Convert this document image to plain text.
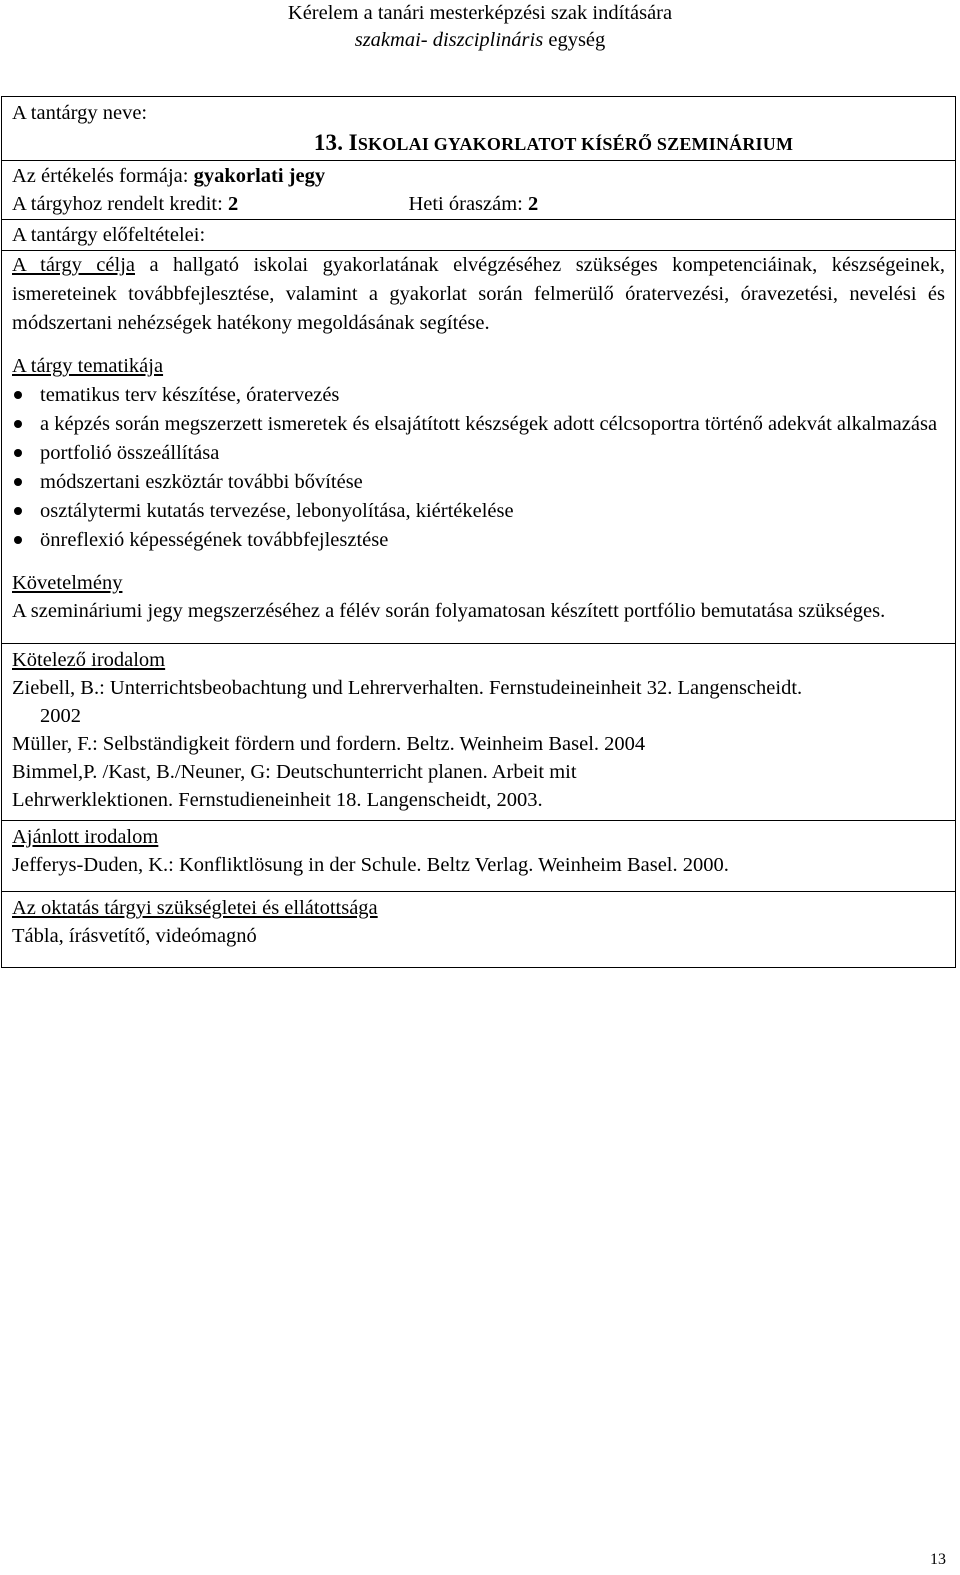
Kérelem a tanári mesterképzési szak indítására
szakmai- diszciplináris egység
A tantárgy neve:
13. ISKOLAI GYAKORLATOT KÍSÉRŐ SZEMINÁRIUM
Az értékelés formája: gyakorlati jegy
A tárgyhoz rendelt kredit: 2	Heti óraszám: 2
A tantárgy előfeltételei:
A tárgy célja a hallgató iskolai gyakorlatának elvégzéséhez szükséges kompetenciáinak, készségeinek, ismereteinek továbbfejlesztése, valamint a gyakorlat során felmerülő óratervezési, óravezetési, nevelési és módszertani nehézségek hatékony megoldásának segítése.
A tárgy tematikája
tematikus terv készítése, óratervezés
a képzés során megszerzett ismeretek és elsajátított készségek adott célcsoportra történő adekvát alkalmazása
portfolió összeállítása
módszertani eszköztár további bővítése
osztálytermi kutatás tervezése, lebonyolítása, kiértékelése
önreflexió képességének továbbfejlesztése
Követelmény
A szemináriumi jegy megszerzéséhez a félév során folyamatosan készített portfólio bemutatása szükséges.
Kötelező irodalom
Ziebell, B.: Unterrichtsbeobachtung und Lehrerverhalten. Fernstudeineinheit 32. Langenscheidt.
2002
Müller, F.: Selbständigkeit fördern und fordern. Beltz. Weinheim Basel. 2004
Bimmel,P. /Kast, B./Neuner, G: Deutschunterricht planen. Arbeit mit
Lehrwerklektionen. Fernstudieneinheit 18. Langenscheidt, 2003.
Ajánlott irodalom
Jefferys-Duden, K.: Konfliktlösung in der Schule. Beltz Verlag. Weinheim Basel. 2000.
Az oktatás tárgyi szükségletei és ellátottsága
Tábla, írásvetítő, videómagnó
13
